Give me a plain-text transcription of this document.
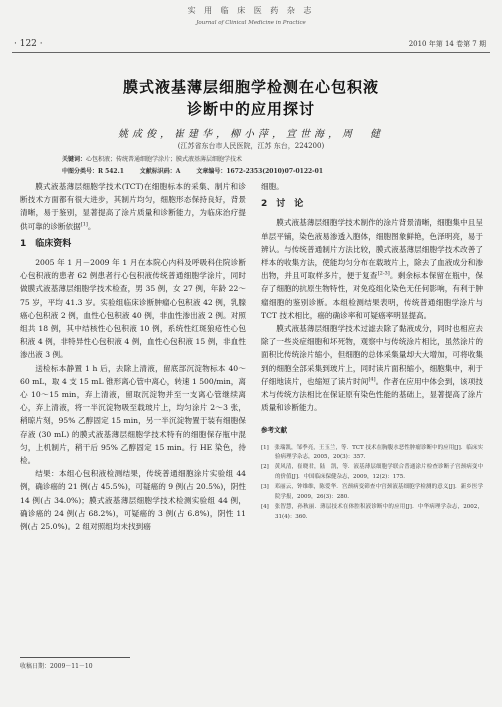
实 用 临 床 医 药 杂 志
Journal of Clinical Medicine in Practice
· 122 ·	2010 年第 14 卷第 7 期
膜式液基薄层细胞学检测在心包积液
诊断中的应用探讨
姚成俊，崔建华，柳小萍，宣世海，周　健
(江苏省东台市人民医院，江苏 东台，224200)
关键词：心包积液；传统普通细胞学涂片；膜式液基薄层细胞学技术
中图分类号：R 542.1	文献标识码：A	文章编号：1672-2353(2010)07-0122-01

膜式液基薄层细胞学技术(TCT)在细胞标本的采集、制片和诊断技术方面都有很大进步，其制片均匀，细胞形态保持良好，背景清晰，易于鉴别，显著提高了涂片质量和诊断能力，为临床治疗提供可靠的诊断依据[1]。

1　临床资料

2005 年 1 月－2009 年 1 月在本院心内科及呼吸科住院诊断心包积液的患者 62 例患者行心包积液传统普通细胞学涂片，同时做膜式液基薄层细胞学技术检查，男 35 例，女 27 例，年龄 22～75 岁，平均 41.3 岁。实验组临床诊断肿瘤心包积液 42 例，乳腺癌心包积液 2 例，血性心包积液 40 例，非血性渗出液 2 例。对照组共 18 例，其中结核性心包积液 10 例，系统性红斑狼疮性心包积液 4 例，非特异性心包积液 4 例，血性心包积液 15 例，非血性渗出液 3 例。

送检标本静置 1 h 后，去除上清液，留底部沉淀物标本 40～60 mL，取 4 支 15 mL 锥形离心管中离心，转速 1 500/min，离心 10～15 min，弃上清液，留取沉淀物并至一支离心管继续离心，弃上清液，将一半沉淀物吸至载玻片上，均匀涂片 2～3 张，稍晾片刻，95% 乙醇固定 15 min，另一半沉淀物置于装有细胞保存液 (30 mL) 的膜式液基薄层细胞学技术特有的细胞保存瓶中混匀，上机制片，稍干后 95% 乙醇固定 15 min。行 HE 染色，待检。

结果：本组心包积液检测结果，传统普通细胞涂片实验组 44 例，确诊癌的 21 例(占 45.5%)，可疑癌的 9 例(占 20.5%)，阴性 14 例(占 34.0%)；膜式液基薄层细胞学技术检测实验组 44 例，确诊癌的 24 例(占 68.2%)，可疑癌的 3 例(占 6.8%)，阴性 11 例(占 25.0%)。2 组对照组均未找到癌

细胞。

2　讨　论

膜式液基薄层细胞学技术制作的涂片背景清晰，细胞集中且呈单层平铺，染色液易渗透入胞体，细胞图象鲜艳，色泽明亮，易于辨认。与传统普通制片方法比较，膜式液基薄层细胞学技术改善了样本的收集方法，使能均匀分布在载玻片上，除去了血液成分和渗出物，并且可取样多片，便于复查[2-3]。剩余标本保留在瓶中，保存了细胞的抗原生物特性，对免疫组化染色无任何影响，有利于肿瘤细胞的鉴别诊断。本组检测结果表明，传统普通细胞学涂片与 TCT 技术相比，癌的确诊率和可疑癌率明显提高。

膜式液基薄层细胞学技术过滤去除了黏液成分，同时也相应去除了一些炎症细胞和坏死物，观察中与传统涂片相比，虽然涂片的面积比传统涂片缩小，但细胞的总体采集量却大大增加，可将收集到的细胞全部采集到玻片上，同时读片面积缩小，细胞集中，利于仔细地读片，也缩短了读片时间[4]。作者在应用中体会到，该项技术与传统方法相比在保证原有染色性能的基础上，显著提高了涂片质量和诊断能力。

参考文献
[1]　张瑞凯，邹季亮，王玉兰，等．TCT 技术在胸腹水恶性肿瘤诊断中的应用[J]．临床实验病理学杂志，2005，20(3)：357.
[2]　黄风清，崔晓君，陆　凯，等．液基薄层细胞学联合普通涂片检查诊断子宫颈病变中的价值[J]．中国临床保健杂志，2009，12(2)：175.
[3]　邓丽云，钟维维，陈爱华．宫颈病变筛查中宫颈液基细胞学检测的意义[J]．新乡医学院学报，2009，26(3)：280.
[4]　张智慧，孙秋丽．薄层技术在体腔积液诊断中的应用[J]．中华病理学杂志，2002，31(4)：360.
收稿日期：2009－11－10
